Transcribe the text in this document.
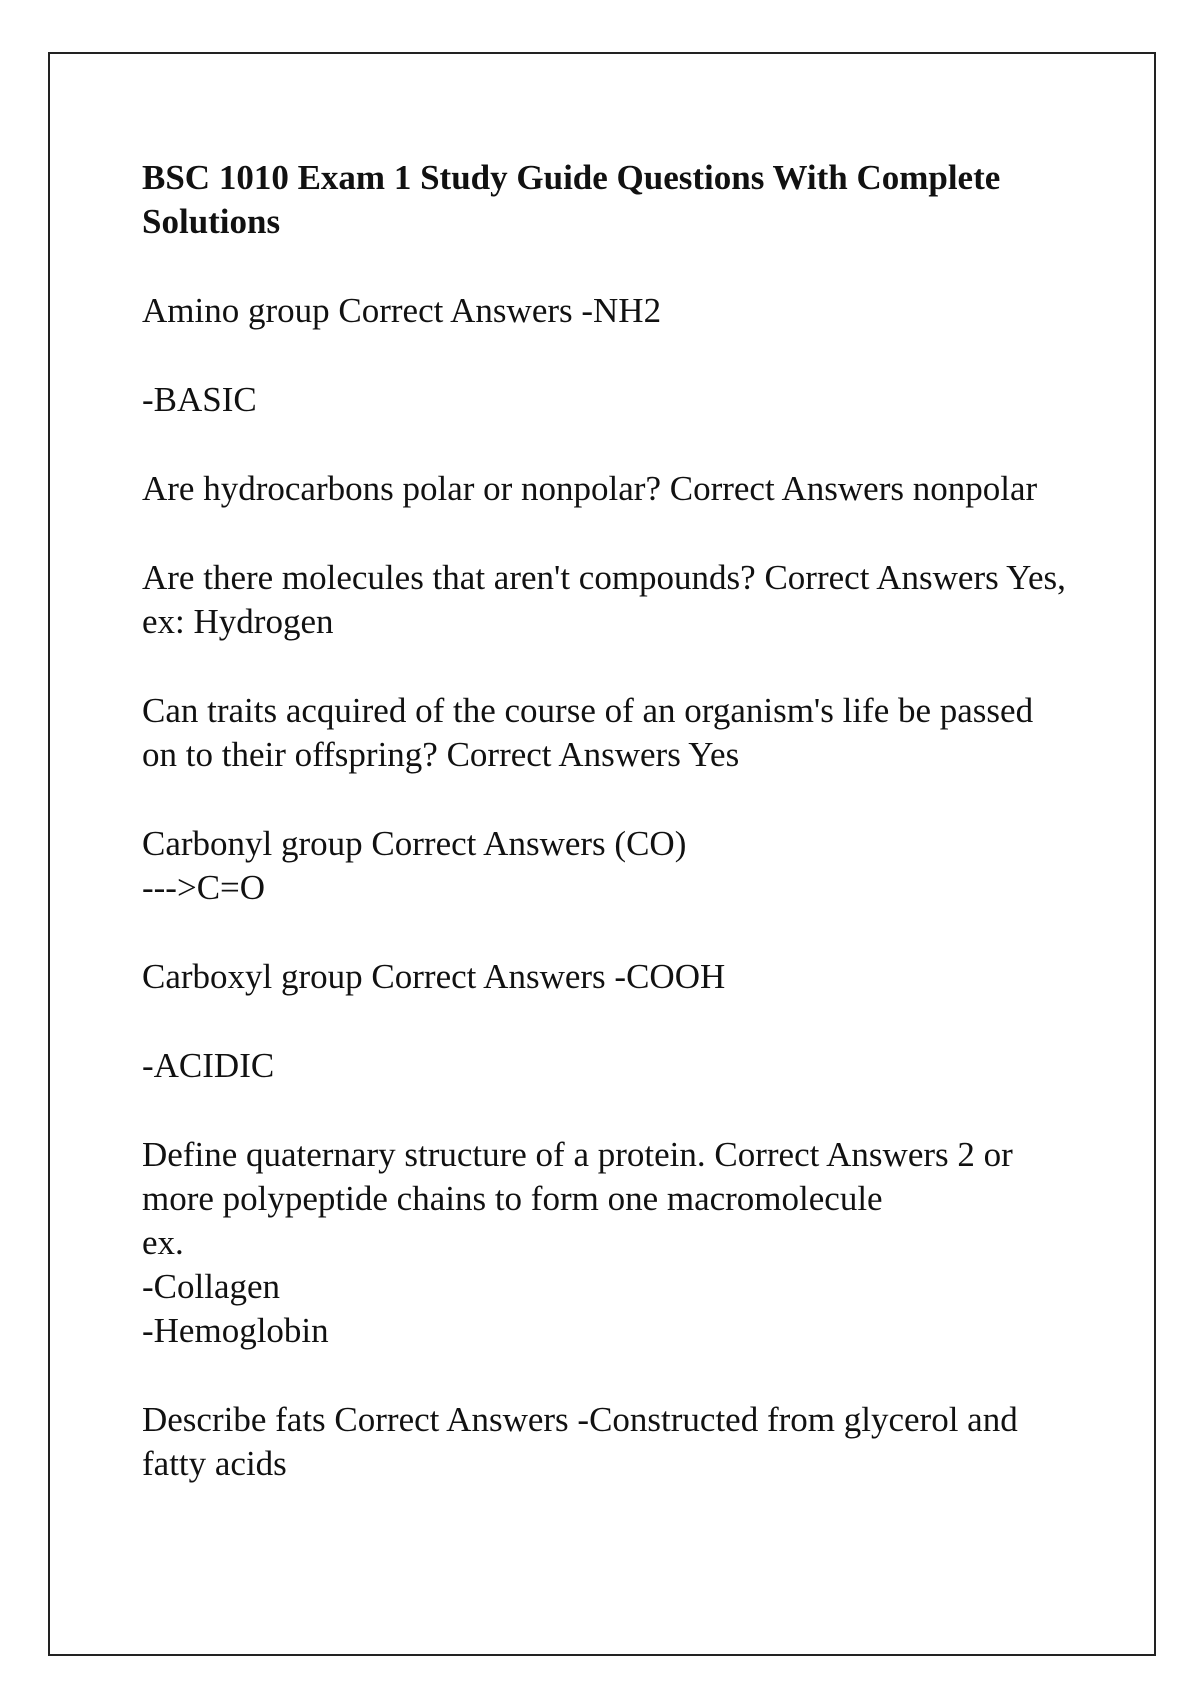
BSC 1010 Exam 1 Study Guide Questions With Complete Solutions
Amino group Correct Answers -NH2
-BASIC
Are hydrocarbons polar or nonpolar? Correct Answers nonpolar
Are there molecules that aren't compounds? Correct Answers Yes,
ex: Hydrogen
Can traits acquired of the course of an organism's life be passed on to their offspring? Correct Answers Yes
Carbonyl group Correct Answers (CO)
--->C=O
Carboxyl group Correct Answers -COOH
-ACIDIC
Define quaternary structure of a protein. Correct Answers 2 or more polypeptide chains to form one macromolecule
ex.
-Collagen
-Hemoglobin
Describe fats Correct Answers -Constructed from glycerol and fatty acids
